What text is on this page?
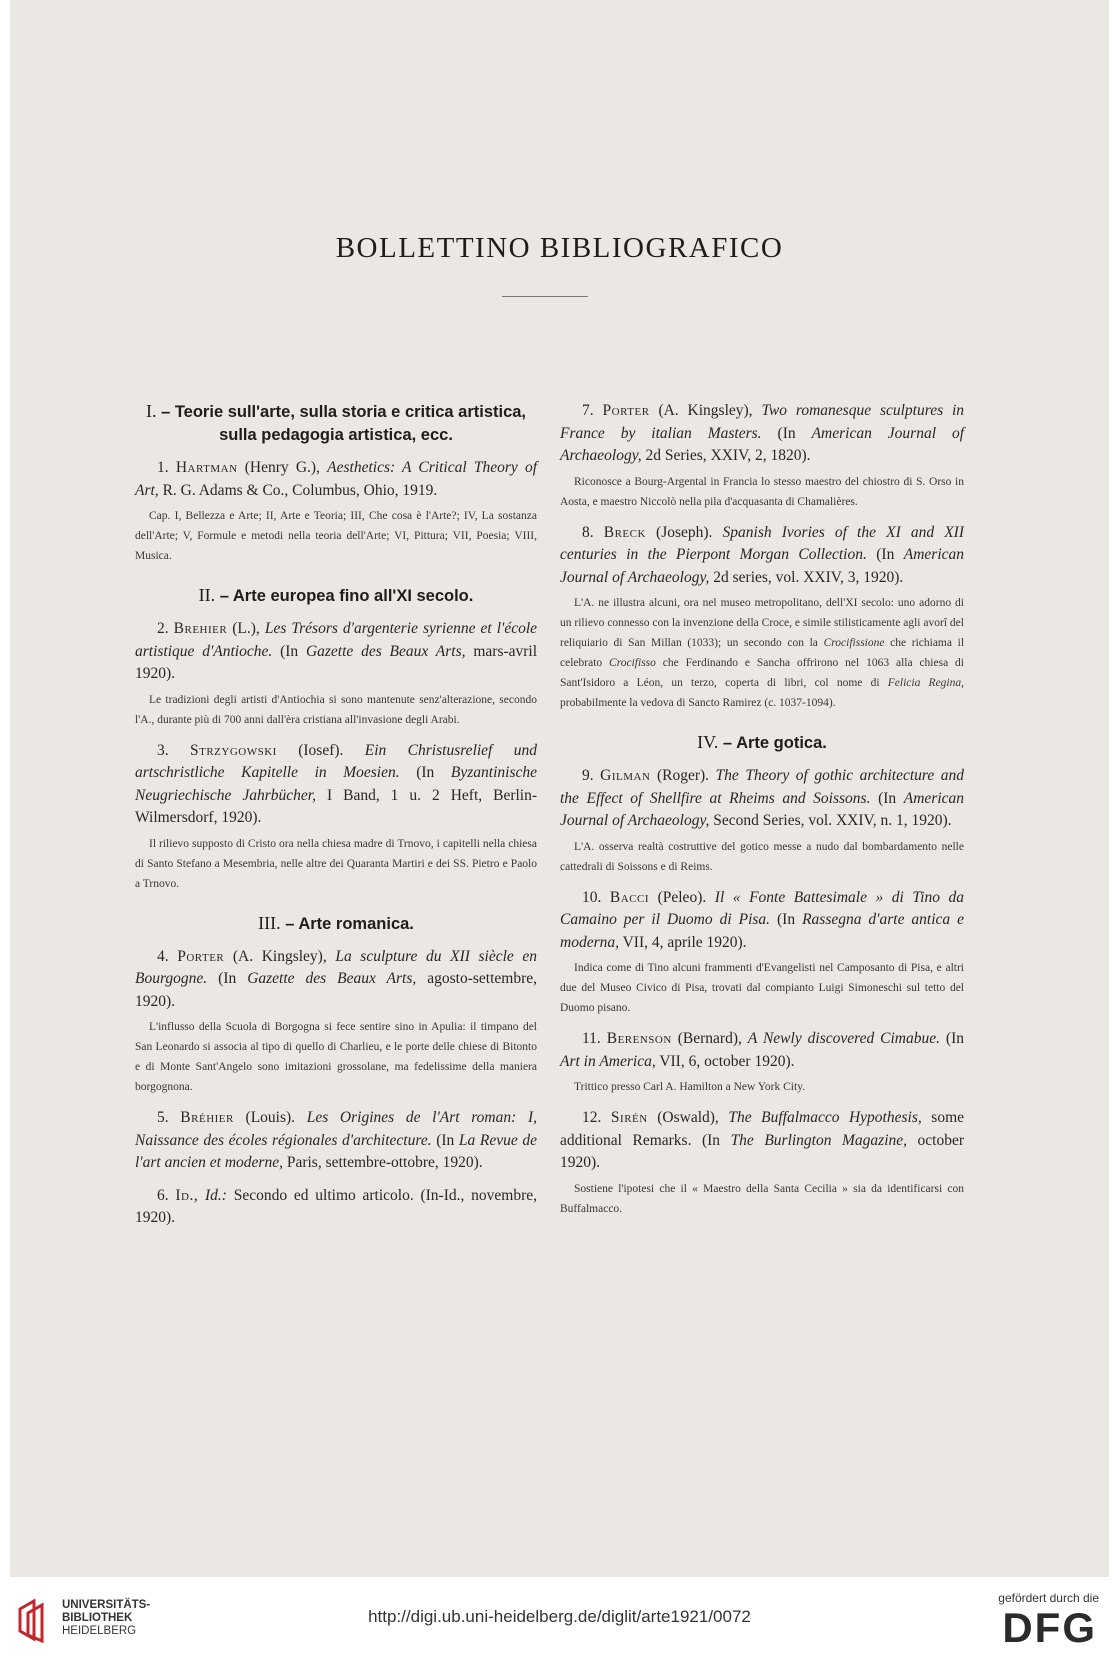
BOLLETTINO BIBLIOGRAFICO
I. – Teorie sull'arte, sulla storia e critica artistica, sulla pedagogia artistica, ecc.

1. Hartman (Henry G.), Aesthetics: A Critical Theory of Art, R. G. Adams & Co., Columbus, Ohio, 1919.

Cap. I, Bellezza e Arte; II, Arte e Teoria; III, Che cosa è l'Arte?; IV, La sostanza dell'Arte; V, Formule e metodi nella teoria dell'Arte; VI, Pittura; VII, Poesia; VIII, Musica.

II. – Arte europea fino all'XI secolo.

2. Brehier (L.), Les Trésors d'argenterie syrienne et l'école artistique d'Antioche. (In Gazette des Beaux Arts, mars-avril 1920).

Le tradizioni degli artisti d'Antiochia si sono mantenute senz'alterazione, secondo l'A., durante più di 700 anni dall'èra cristiana all'invasione degli Arabi.

3. Strzygowski (Iosef). Ein Christusrelief und artschristliche Kapitelle in Moesien. (In Byzantinische Neugriechische Jahrbücher, I Band, 1 u. 2 Heft, Berlin-Wilmersdorf, 1920).

Il rilievo supposto di Cristo ora nella chiesa madre di Trnovo, i capitelli nella chiesa di Santo Stefano a Mesembria, nelle altre dei Quaranta Martiri e dei SS. Pietro e Paolo a Trnovo.

III. – Arte romanica.

4. Porter (A. Kingsley), La sculpture du XII siècle en Bourgogne. (In Gazette des Beaux Arts, agosto-settembre, 1920).

L'influsso della Scuola di Borgogna si fece sentire sino in Apulia: il timpano del San Leonardo si associa al tipo di quello di Charlieu, e le porte delle chiese di Bitonto e di Monte Sant'Angelo sono imitazioni grossolane, ma fedelissime della maniera borgognona.

5. Bréhier (Louis). Les Origines de l'Art roman: I, Naissance des écoles régionales d'architecture. (In La Revue de l'art ancien et moderne, Paris, settembre-ottobre, 1920).

6. Id., Id.: Secondo ed ultimo articolo. (In-Id., novembre, 1920).

7. Porter (A. Kingsley), Two romanesque sculptures in France by italian Masters. (In American Journal of Archaeology, 2d Series, XXIV, 2, 1820).

Riconosce a Bourg-Argental in Francia lo stesso maestro del chiostro di S. Orso in Aosta, e maestro Niccolò nella pila d'acquasanta di Chamalières.

8. Breck (Joseph). Spanish Ivories of the XI and XII centuries in the Pierpont Morgan Collection. (In American Journal of Archaeology, 2d series, vol. XXIV, 3, 1920).

L'A. ne illustra alcuni, ora nel museo metropolitano, dell'XI secolo: uno adorno di un rilievo connesso con la invenzione della Croce, e simile stilisticamente agli avorî del reliquiario di San Millan (1033); un secondo con la Crocifissione che richiama il celebrato Crocifisso che Ferdinando e Sancha offrirono nel 1063 alla chiesa di Sant'Isidoro a Léon, un terzo, coperta di libri, col nome di Felicia Regina, probabilmente la vedova di Sancto Ramirez (c. 1037-1094).

IV. – Arte gotica.

9. Gilman (Roger). The Theory of gothic architecture and the Effect of Shellfire at Rheims and Soissons. (In American Journal of Archaeology, Second Series, vol. XXIV, n. 1, 1920).

L'A. osserva realtà costruttive del gotico messe a nudo dal bombardamento nelle cattedrali di Soissons e di Reims.

10. Bacci (Peleo). Il « Fonte Battesimale » di Tino da Camaino per il Duomo di Pisa. (In Rassegna d'arte antica e moderna, VII, 4, aprile 1920).

Indica come di Tino alcuni frammenti d'Evangelisti nel Camposanto di Pisa, e altri due del Museo Civico di Pisa, trovati dal compianto Luigi Simoneschi sul tetto del Duomo pisano.

11. Berenson (Bernard), A Newly discovered Cimabue. (In Art in America, VII, 6, october 1920).

Trittico presso Carl A. Hamilton a New York City.

12. Sirén (Oswald), The Buffalmacco Hypothesis, some additional Remarks. (In The Burlington Magazine, october 1920).

Sostiene l'ipotesi che il « Maestro della Santa Cecilia » sia da identificarsi con Buffalmacco.

UNIVERSITÄTS-
BIBLIOTHEK
HEIDELBERG
http://digi.ub.uni-heidelberg.de/diglit/arte1921/0072
gefördert durch die
DFG
